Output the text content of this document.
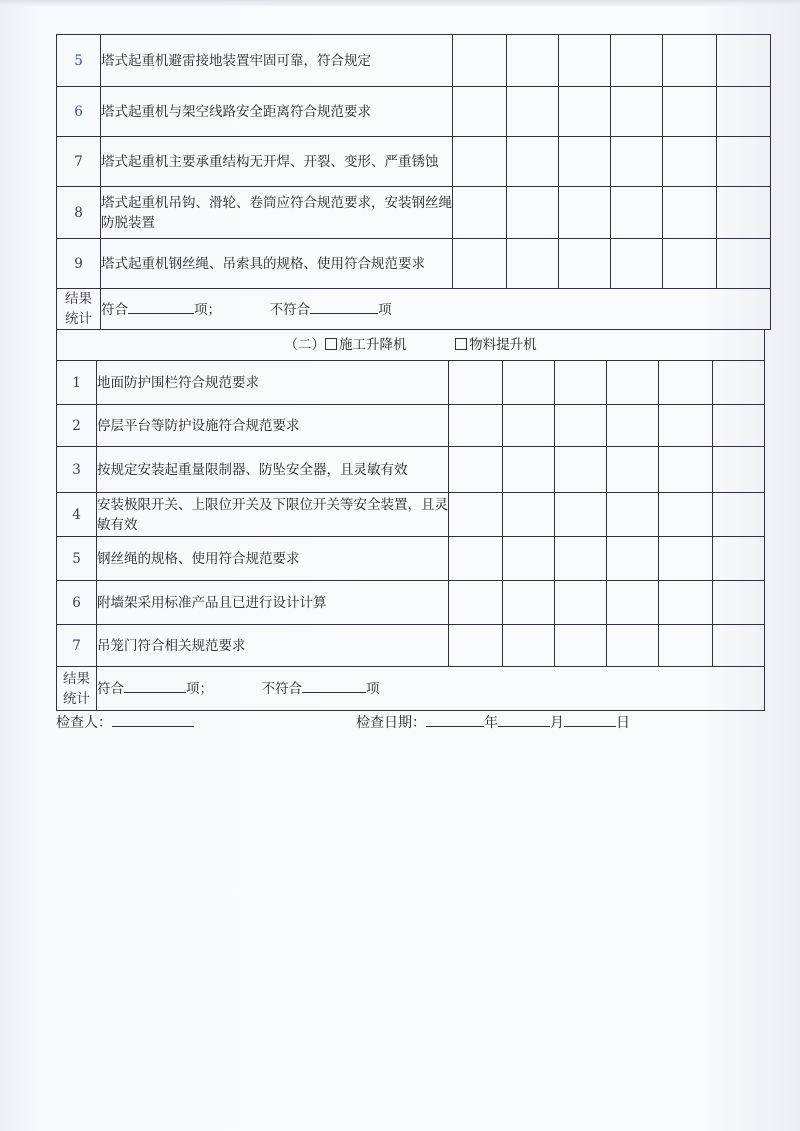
5	塔式起重机避雷接地装置牢固可靠，符合规定						
6	塔式起重机与架空线路安全距离符合规范要求						
7	塔式起重机主要承重结构无开焊、开裂、变形、严重锈蚀						
8	塔式起重机吊钩、滑轮、卷筒应符合规范要求，安装钢丝绳防脱装置						
9	塔式起重机钢丝绳、吊索具的规格、使用符合规范要求						

结果
统计	符合 项； 不符合 项						
（二） 施工升降机 物料提升机							
1	地面防护围栏符合规范要求						
2	停层平台等防护设施符合规范要求						
3	按规定安装起重量限制器、防坠安全器，且灵敏有效						
4	安装极限开关、上限位开关及下限位开关等安全装置，且灵敏有效						
5	钢丝绳的规格、使用符合规范要求						
6	附墙架采用标准产品且已进行设计计算						
7	吊笼门符合相关规范要求						

结果
统计	符合 项； 不符合 项						
检查人：	检查日期：	年	月	日
